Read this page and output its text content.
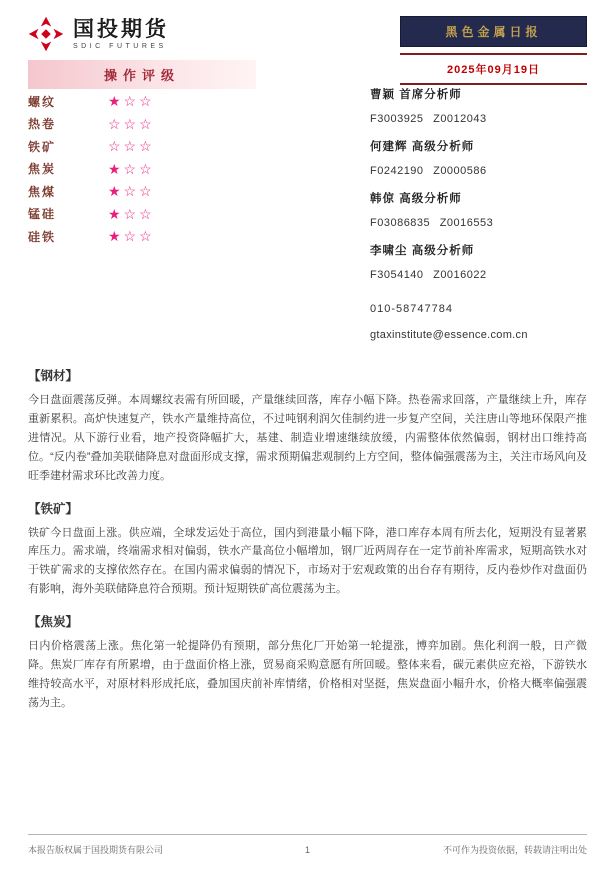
国投期货
SDIC FUTURES
黑色金属日报
2025年09月19日
操作评级
螺纹	★☆☆
热卷	☆☆☆
铁矿	☆☆☆
焦炭	★☆☆
焦煤	★☆☆
锰硅	★☆☆
硅铁	★☆☆
曹颖 首席分析师
F3003925 Z0012043
何建辉 高级分析师
F0242190 Z0000586
韩倞 高级分析师
F03086835 Z0016553
李啸尘 高级分析师
F3054140 Z0016022
010-58747784
gtaxinstitute@essence.com.cn
【钢材】

今日盘面震荡反弹。本周螺纹表需有所回暖，产量继续回落，库存小幅下降。热卷需求回落，产量继续上升，库存重新累积。高炉快速复产，铁水产量维持高位，不过吨钢利润欠佳制约进一步复产空间，关注唐山等地环保限产推进情况。从下游行业看，地产投资降幅扩大，基建、制造业增速继续放缓，内需整体依然偏弱，钢材出口维持高位。“反内卷”叠加美联储降息对盘面形成支撑，需求预期偏悲观制约上方空间，整体偏强震荡为主，关注市场风向及旺季建材需求环比改善力度。

【铁矿】

铁矿今日盘面上涨。供应端，全球发运处于高位，国内到港量小幅下降，港口库存本周有所去化，短期没有显著累库压力。需求端，终端需求相对偏弱，铁水产量高位小幅增加，钢厂近两周存在一定节前补库需求，短期高铁水对于铁矿需求的支撑依然存在。在国内需求偏弱的情况下，市场对于宏观政策的出台存有期待，反内卷炒作对盘面仍有影响，海外美联储降息符合预期。预计短期铁矿高位震荡为主。

【焦炭】

日内价格震荡上涨。焦化第一轮提降仍有预期，部分焦化厂开始第一轮提涨，博弈加剧。焦化利润一般，日产微降。焦炭厂库存有所累增，由于盘面价格上涨，贸易商采购意愿有所回暖。整体来看，碳元素供应充裕，下游铁水维持较高水平，对原材料形成托底，叠加国庆前补库情绪，价格相对坚挺，焦炭盘面小幅升水，价格大概率偏强震荡为主。

本报告版权属于国投期货有限公司	1	不可作为投资依据，转载请注明出处
